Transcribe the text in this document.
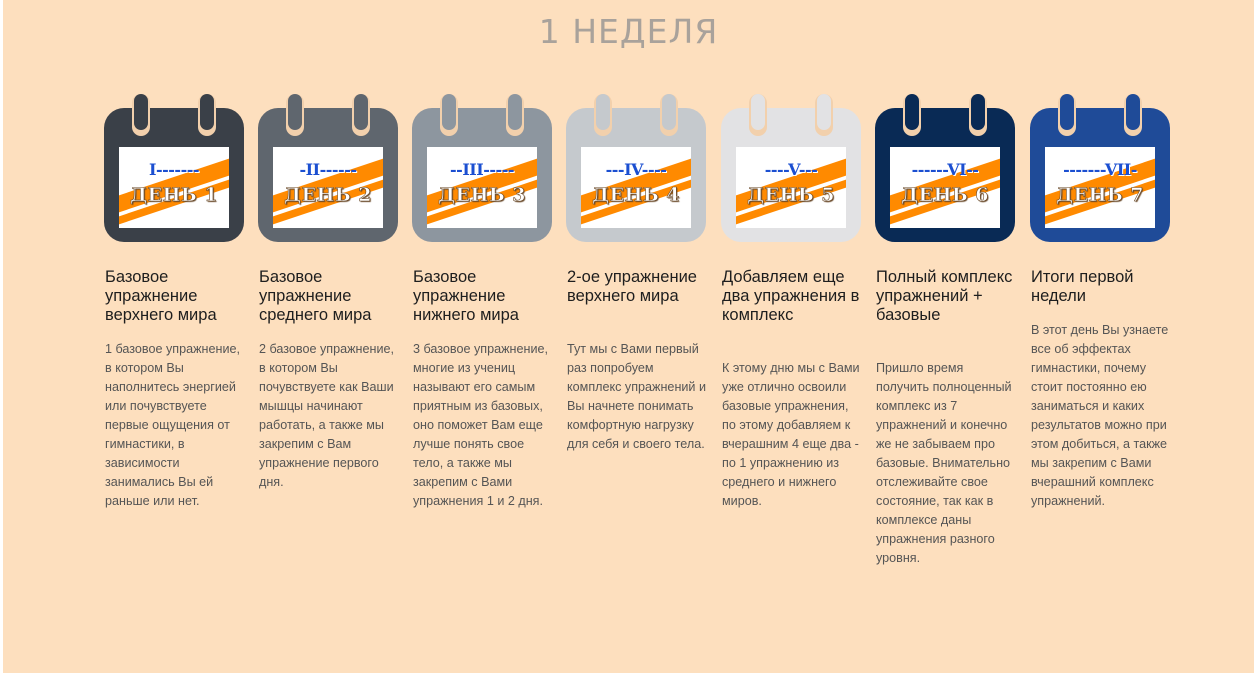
1 НЕДЕЛЯ
I-------
ДЕНЬ 1
Базовое упражнение верхнего мира
1 базовое упражнение, в котором Вы наполнитесь энергией или почувствуете первые ощущения от гимнастики, в зависимости занимались Вы ей раньше или нет.
-II------
ДЕНЬ 2
Базовое упражнение среднего мира
2 базовое упражнение, в котором Вы почувствуете как Ваши мышцы начинают работать, а также мы закрепим с Вам упражнение первого дня.
--III-----
ДЕНЬ 3
Базовое упражнение нижнего мира
3 базовое упражнение, многие из учениц называют его самым приятным из базовых, оно поможет Вам еще лучше понять свое тело, а также мы закрепим с Вами упражнения 1 и 2 дня.
---IV----
ДЕНЬ 4
2-ое упражнение верхнего мира
Тут мы с Вами первый раз попробуем комплекс упражнений и Вы начнете понимать комфортную нагрузку для себя и своего тела.
----V---
ДЕНЬ 5
Добавляем еще два упражнения в комплекс
К этому дню мы с Вами уже отлично освоили базовые упражнения, по этому добавляем к вчерашним 4 еще два - по 1 упражнению из среднего и нижнего миров.
------VI--
ДЕНЬ 6
Полный комплекс упражнений + базовые
Пришло время получить полноценный комплекс из 7 упражнений и конечно же не забываем про базовые. Внимательно отслеживайте свое состояние, так как в комплексе даны упражнения разного уровня.
-------VII-
ДЕНЬ 7
Итоги первой недели
В этот день Вы узнаете все об эффектах гимнастики, почему стоит постоянно ею заниматься и каких результатов можно при этом добиться, а также мы закрепим с Вами вчерашний комплекс упражнений.
